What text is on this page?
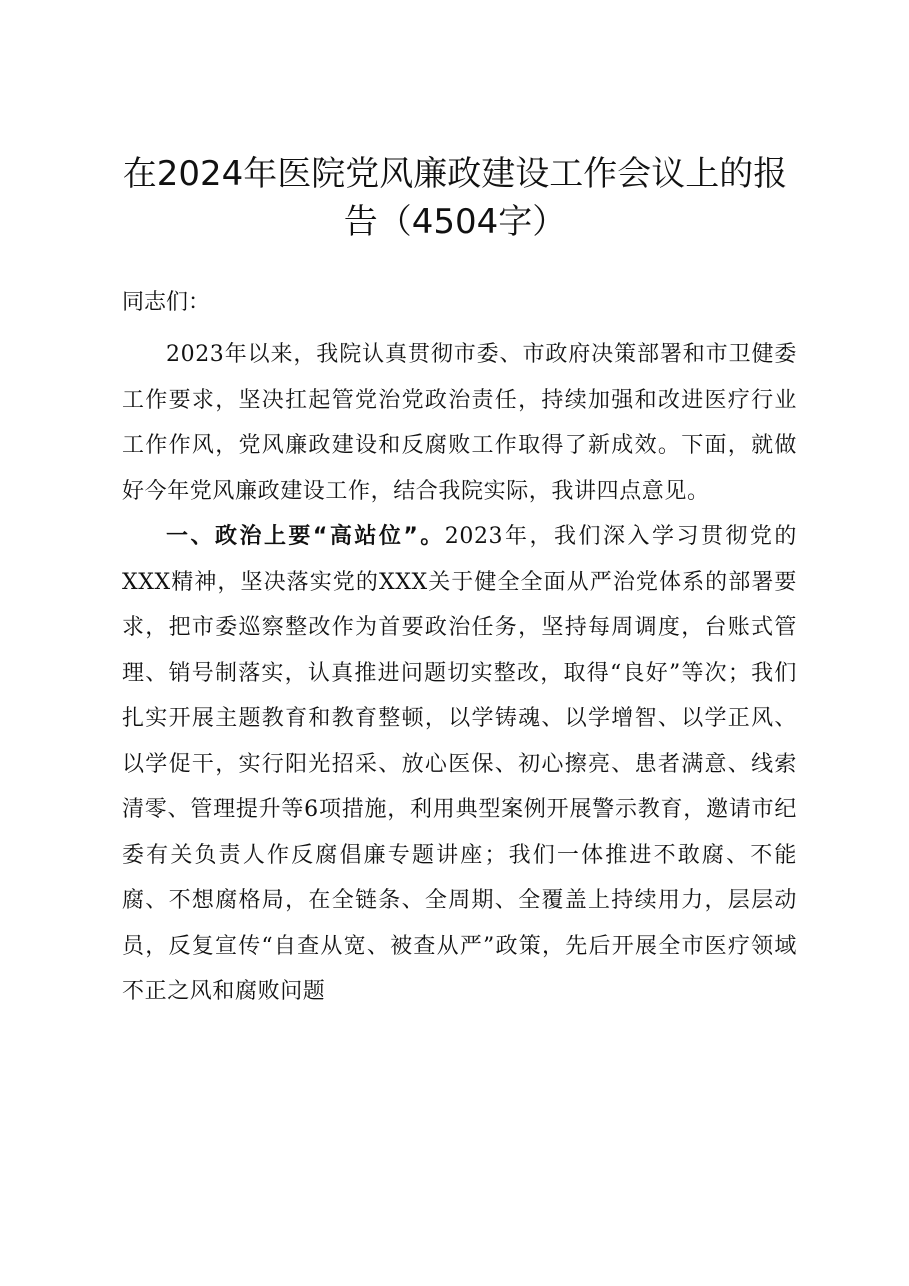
在2024年医院党风廉政建设工作会议上的报告（4504字）

同志们：

2023年以来，我院认真贯彻市委、市政府决策部署和市卫健委工作要求，坚决扛起管党治党政治责任，持续加强和改进医疗行业工作作风，党风廉政建设和反腐败工作取得了新成效。下面，就做好今年党风廉政建设工作，结合我院实际，我讲四点意见。

一、政治上要“高站位”。2023年，我们深入学习贯彻党的XXX精神，坚决落实党的XXX关于健全全面从严治党体系的部署要求，把市委巡察整改作为首要政治任务，坚持每周调度，台账式管理、销号制落实，认真推进问题切实整改，取得“良好”等次；我们扎实开展主题教育和教育整顿，以学铸魂、以学增智、以学正风、以学促干，实行阳光招采、放心医保、初心擦亮、患者满意、线索清零、管理提升等6项措施，利用典型案例开展警示教育，邀请市纪委有关负责人作反腐倡廉专题讲座；我们一体推进不敢腐、不能腐、不想腐格局，在全链条、全周期、全覆盖上持续用力，层层动员，反复宣传“自查从宽、被查从严”政策，先后开展全市医疗领域不正之风和腐败问题
